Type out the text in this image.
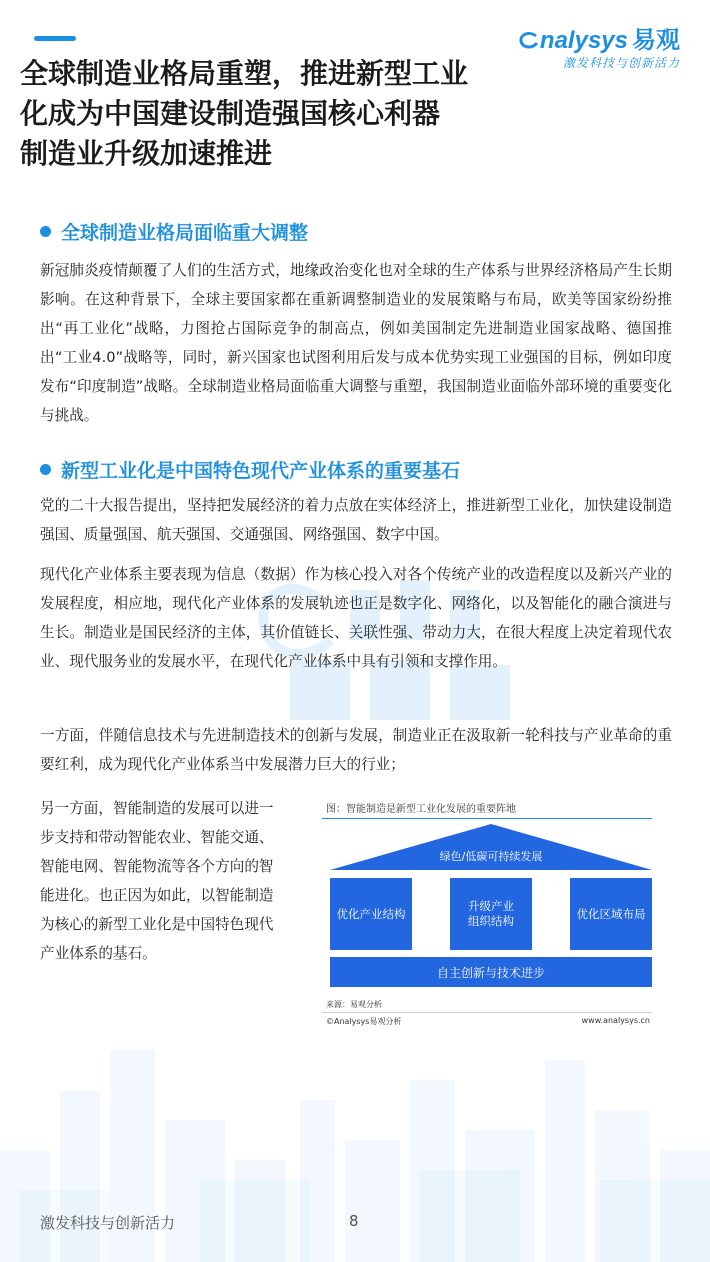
nalysys 易观
激发科技与创新活力
全球制造业格局重塑，推进新型工业
化成为中国建设制造强国核心利器
制造业升级加速推进
全球制造业格局面临重大调整

新冠肺炎疫情颠覆了人们的生活方式，地缘政治变化也对全球的生产体系与世界经济格局产生长期影响。在这种背景下，全球主要国家都在重新调整制造业的发展策略与布局，欧美等国家纷纷推出“再工业化”战略，力图抢占国际竞争的制高点，例如美国制定先进制造业国家战略、德国推出“工业4.0”战略等，同时，新兴国家也试图利用后发与成本优势实现工业强国的目标，例如印度发布“印度制造”战略。全球制造业格局面临重大调整与重塑，我国制造业面临外部环境的重要变化与挑战。

新型工业化是中国特色现代产业体系的重要基石

党的二十大报告提出，坚持把发展经济的着力点放在实体经济上，推进新型工业化，加快建设制造强国、质量强国、航天强国、交通强国、网络强国、数字中国。

现代化产业体系主要表现为信息（数据）作为核心投入对各个传统产业的改造程度以及新兴产业的发展程度，相应地，现代化产业体系的发展轨迹也正是数字化、网络化，以及智能化的融合演进与生长。制造业是国民经济的主体，其价值链长、关联性强、带动力大，在很大程度上决定着现代农业、现代服务业的发展水平，在现代化产业体系中具有引领和支撑作用。

一方面，伴随信息技术与先进制造技术的创新与发展，制造业正在汲取新一轮科技与产业革命的重要红利，成为现代化产业体系当中发展潜力巨大的行业；

另一方面，智能制造的发展可以进一步支持和带动智能农业、智能交通、智能电网、智能物流等各个方向的智能进化。也正因为如此，以智能制造为核心的新型工业化是中国特色现代产业体系的基石。

图：智能制造是新型工业化发展的重要阵地
绿色/低碳可持续发展
优化产业结构
升级产业
组织结构
优化区域布局
自主创新与技术进步
来源：易观分析
©Analysys易观分析	www.analysys.cn
激发科技与创新活力	8
